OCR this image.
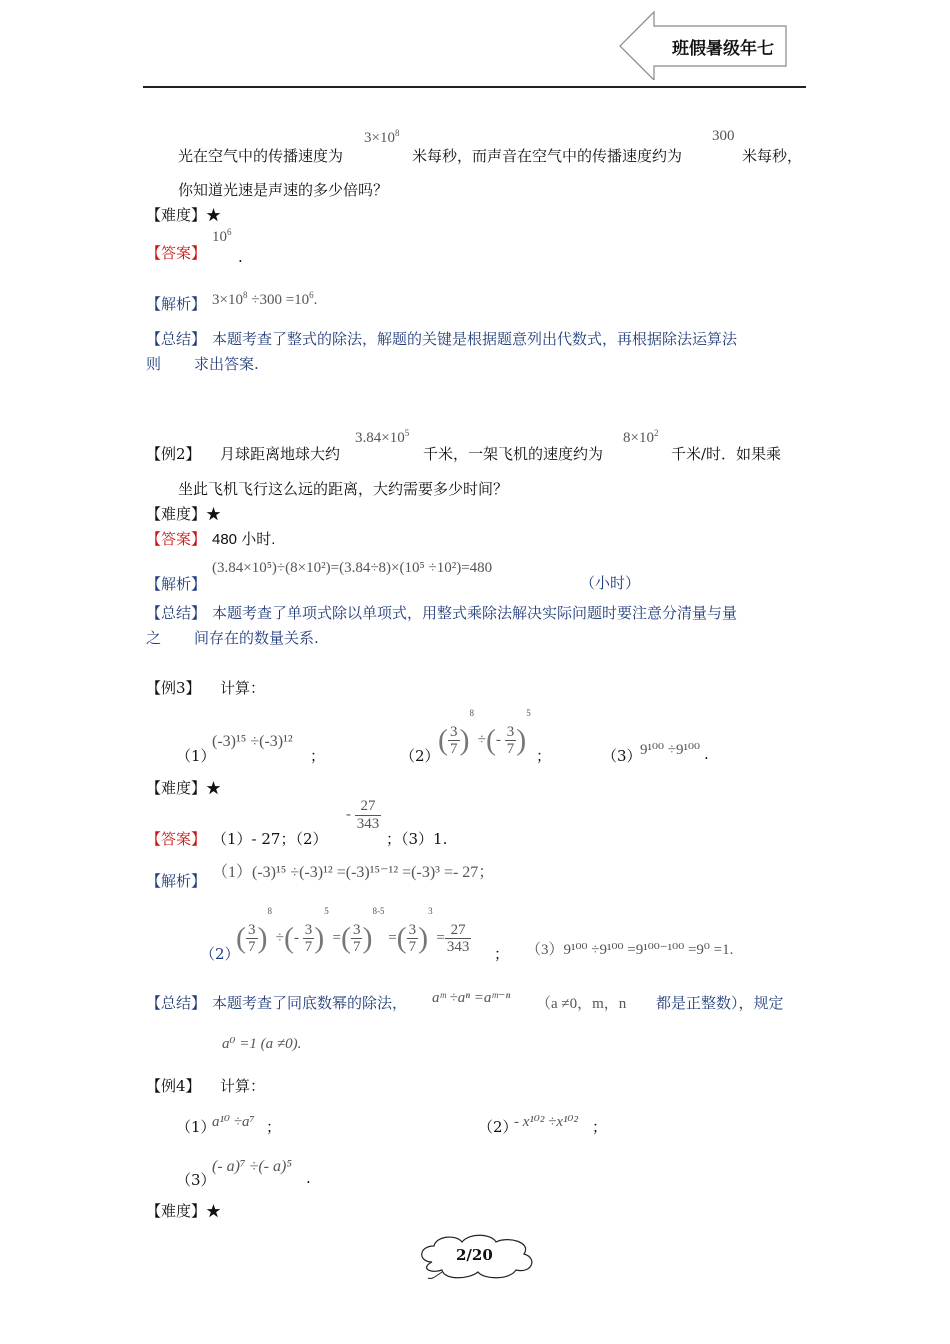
班假暑级年七
光在空气中的传播速度为
$3\times 10^8$
米每秒，而声音在空气中的传播速度约为
300
米每秒，
你知道光速是声速的多少倍吗？
【难度】★
【答案】
$10^6$
.
【解析】 $3\times 10^8 \div 300 =10^6$.
【总结】 本题考查了整式的除法，解题的关键是根据题意列出代数式，再根据除法运算法
则 求出答案.
【例2】 月球距离地球大约
$3.84\times 10^5$
千米，一架飞机的速度约为
$8\times 10^2$
千米/时．如果乘
坐此飞机飞行这么远的距离，大约需要多少时间？
【难度】★
【答案】 480 小时.
【解析】
(3.84×10⁵)÷(8×10²)=(3.84÷8)×(10⁵ ÷10²)=480
（小时）
【总结】 本题考查了单项式除以单项式，用整式乘除法解决实际问题时要注意分清量与量
之 间存在的数量关系.
【例3】 计算：
（1）
(-3)¹⁵ ÷(-3)¹²
；	（2）
( $\frac{3}{7} )^8$ ÷(- $\frac{3}{7} )^5$
；	（3）
9¹⁰⁰ ÷9¹⁰⁰ .
【难度】★
【答案】 （1）- 27；（2）
- $\frac{27}{343}$
；（3）1.
【解析】 （1）(-3)¹⁵ ÷(-3)¹² =(-3)¹⁵⁻¹² =(-3)³ =- 27；
（2）
( $\frac{3}{7} )^8$ ÷(- $\frac{3}{7} )^5$ =( $\frac{3}{7} )^{8-5}$ =( $\frac{3}{7} )^3 = \frac{27}{343}$ ； （3）9¹⁰⁰ ÷9¹⁰⁰ =9¹⁰⁰⁻¹⁰⁰ =9⁰ =1.
【总结】 本题考查了同底数幂的除法， aᵐ ÷aⁿ =aᵐ⁻ⁿ （a ≠0，m，n 都是正整数），规定
a⁰ =1 (a ≠0).
【例4】 计算：
（1）
a¹⁰ ÷a⁷ ；	（2）
- x¹⁰² ÷x¹⁰² ；
（3）
(- a)⁷ ÷(- a)⁵
.
【难度】★
2/20
